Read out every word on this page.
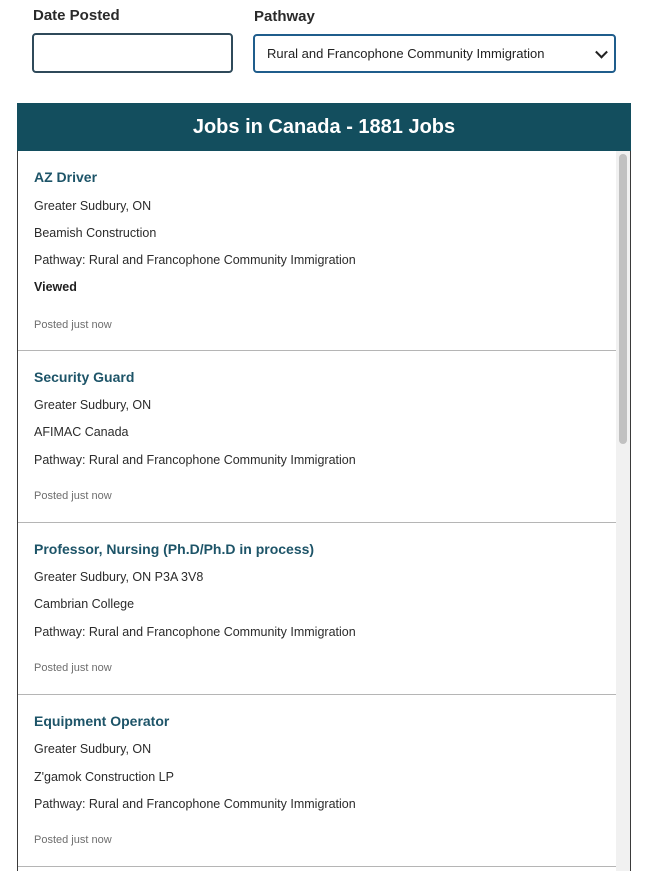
Date Posted	Pathway
Rural and Francophone Community Immigration
Jobs in Canada - 1881 Jobs
AZ Driver
Greater Sudbury, ON
Beamish Construction
Pathway: Rural and Francophone Community Immigration
Viewed
Posted just now
Security Guard
Greater Sudbury, ON
AFIMAC Canada
Pathway: Rural and Francophone Community Immigration
Posted just now
Professor, Nursing (Ph.D/Ph.D in process)
Greater Sudbury, ON P3A 3V8
Cambrian College
Pathway: Rural and Francophone Community Immigration
Posted just now
Equipment Operator
Greater Sudbury, ON
Z'gamok Construction LP
Pathway: Rural and Francophone Community Immigration
Posted just now
